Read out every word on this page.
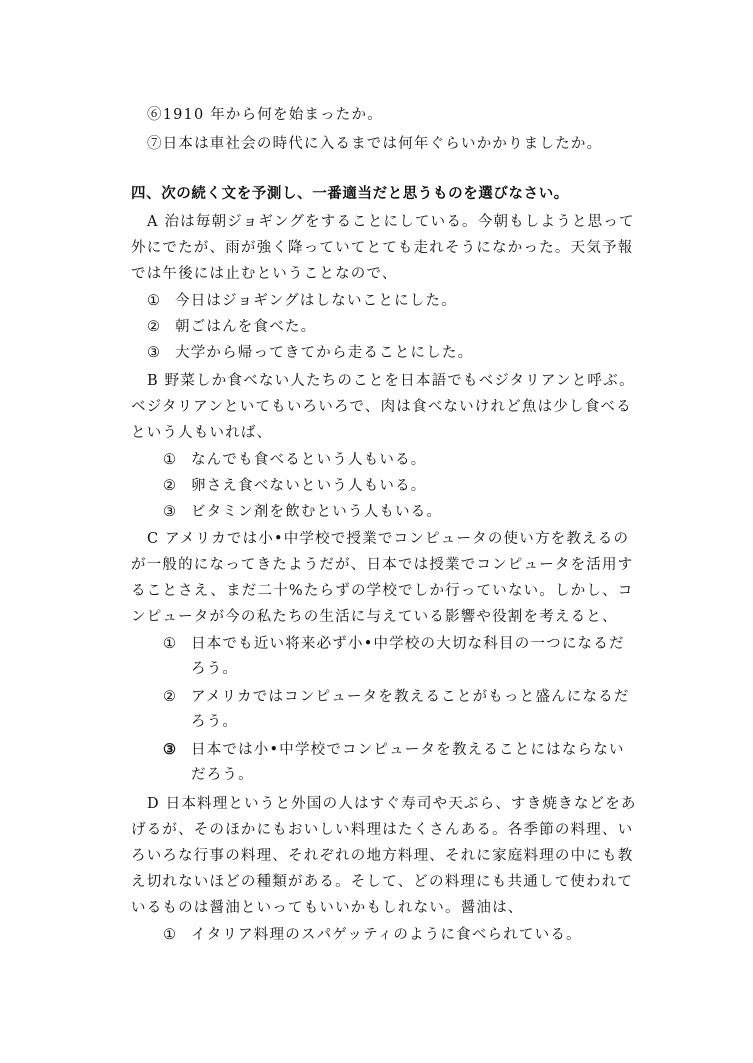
⑥1910 年から何を始まったか。
⑦日本は車社会の時代に入るまでは何年ぐらいかかりましたか。
四、次の続く文を予測し、一番適当だと思うものを選びなさい。
A 治は毎朝ジョギングをすることにしている。今朝もしようと思って
外にでたが、雨が強く降っていてとても走れそうになかった。天気予報
では午後には止むということなので、
① 今日はジョギングはしないことにした。
② 朝ごはんを食べた。
③ 大学から帰ってきてから走ることにした。
B 野菜しか食べない人たちのことを日本語でもベジタリアンと呼ぶ。
ベジタリアンといてもいろいろで、肉は食べないけれど魚は少し食べる
という人もいれば、
① なんでも食べるという人もいる。
② 卵さえ食べないという人もいる。
③ ビタミン剤を飲むという人もいる。
C アメリカでは小•中学校で授業でコンピュータの使い方を教えるの
が一般的になってきたようだが、日本では授業でコンピュータを活用す
ることさえ、まだ二十%たらずの学校でしか行っていない。しかし、コ
ンピュータが今の私たちの生活に与えている影響や役割を考えると、
① 日本でも近い将来必ず小•中学校の大切な科目の一つになるだ
ろう。
② アメリカではコンピュータを教えることがもっと盛んになるだ
ろう。
③ 日本では小•中学校でコンピュータを教えることにはならない
だろう。
D 日本料理というと外国の人はすぐ寿司や天ぷら、すき焼きなどをあ
げるが、そのほかにもおいしい料理はたくさんある。各季節の料理、い
ろいろな行事の料理、それぞれの地方料理、それに家庭料理の中にも教
え切れないほどの種類がある。そして、どの料理にも共通して使われて
いるものは醤油といってもいいかもしれない。醤油は、
① イタリア料理のスパゲッティのように食べられている。
